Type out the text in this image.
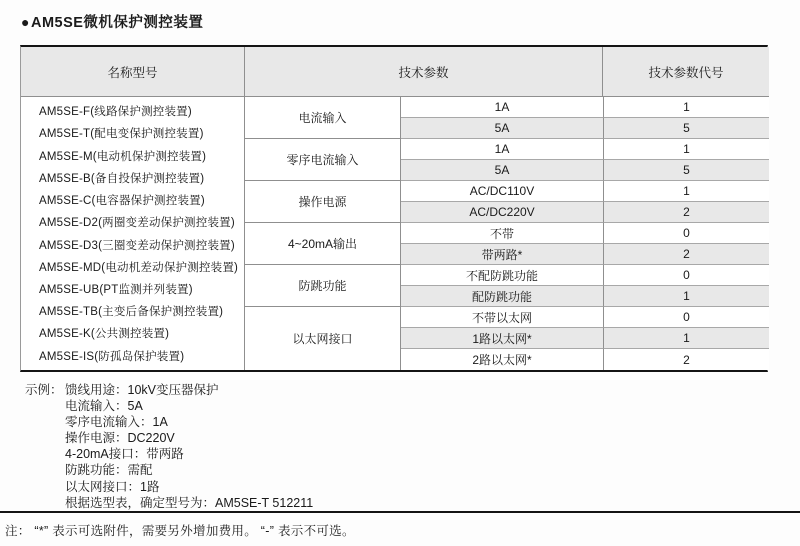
● AM5SE微机保护测控装置
名称型号	技术参数	技术参数代号
AM5SE-F(线路保护测控装置)
AM5SE-T(配电变保护测控装置)
AM5SE-M(电动机保护测控装置)
AM5SE-B(备自投保护测控装置)
AM5SE-C(电容器保护测控装置)
AM5SE-D2(两圈变差动保护测控装置)
AM5SE-D3(三圈变差动保护测控装置)
AM5SE-MD(电动机差动保护测控装置)
AM5SE-UB(PT监测并列装置)
AM5SE-TB(主变后备保护测控装置)
AM5SE-K(公共测控装置)
AM5SE-IS(防孤岛保护装置)
电流输入
零序电流输入
操作电源
4~20mA输出
防跳功能
以太网接口
1A
5A
1A
5A
AC/DC110V
AC/DC220V
不带
带两路*
不配防跳功能
配防跳功能
不带以太网
1路以太网*
2路以太网*
1
5
1
5
1
2
0
2
0
1
0
1
2
示例： 馈线用途：10kV变压器保护
电流输入：5A
零序电流输入：1A
操作电源：DC220V
4-20mA接口：带两路
防跳功能：需配
以太网接口：1路
根据选型表，确定型号为：AM5SE-T 512211
注： “*” 表示可选附件，需要另外增加费用。 “-” 表示不可选。
